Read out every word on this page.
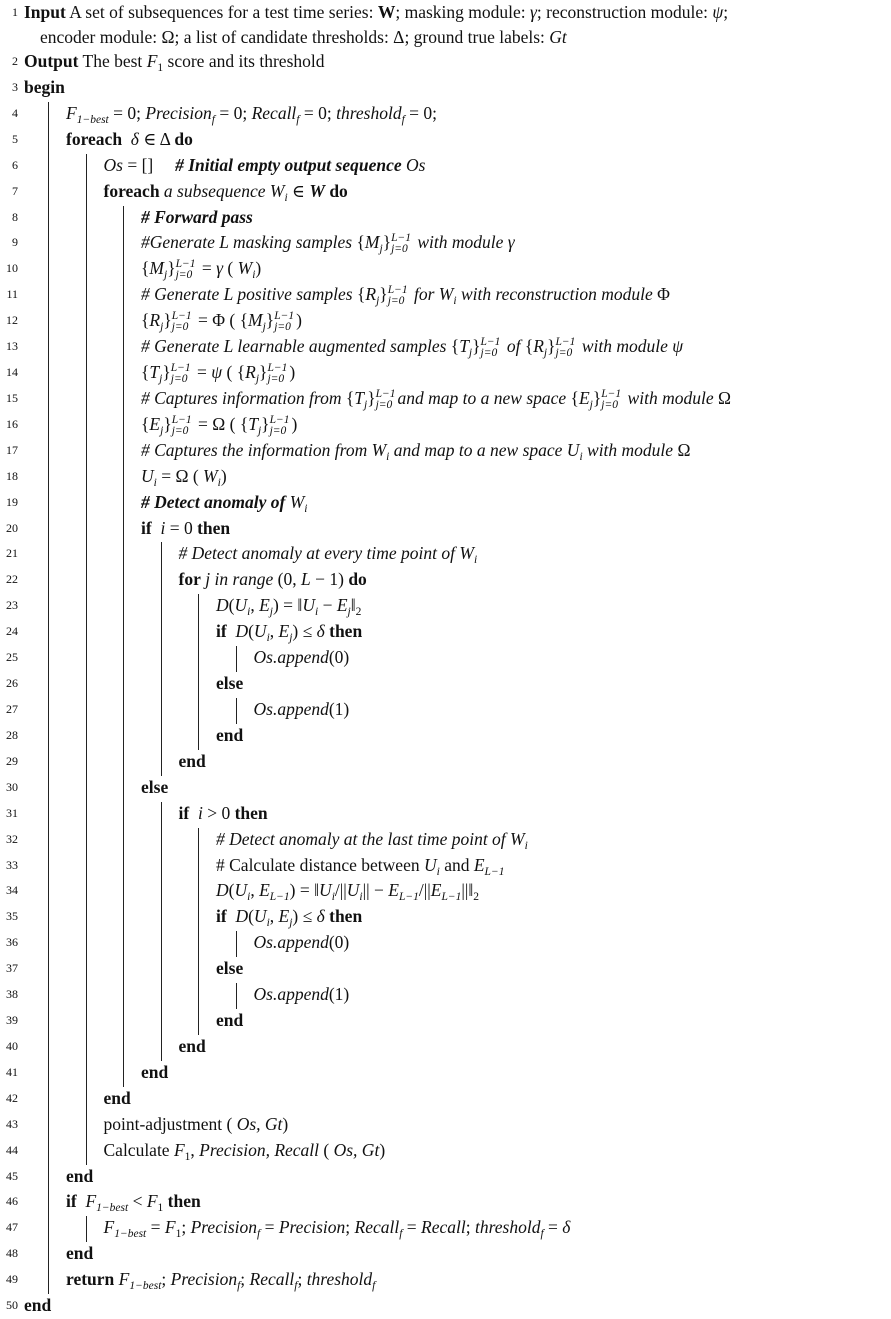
1 Input A set of subsequences for a test time series: W; masking module: γ; reconstruction module: ψ;
encoder module: Ω; a list of candidate thresholds: Δ; ground true labels: Gt
2 Output The best $F_1$ score and its threshold
3 begin
4	$F_{1-best} = 0$; Precision$_f$ = 0; Recall$_f$ = 0; threshold$_f$ = 0;
5	foreach δ ∈ Δ do
6	Os = []     # Initial empty output sequence Os
7	foreach a subsequence $W_i$ ∈ W do
8	# Forward pass
9	#Generate L masking samples $\{M_j\}$ L−1
j=0 with module γ
10	$\{M_j\}$ L−1
j=0 = γ ( $W_i$)
11	# Generate L positive samples $\{R_j\}$ L−1
j=0 for $W_i$ with reconstruction module Φ
12	$\{R_j\}$ L−1
j=0 = Φ ( $\{M_j\}$ L−1
j=0 )
13	# Generate L learnable augmented samples $\{T_j\}$ L−1
j=0 of $\{R_j\}$ L−1
j=0 with module ψ
14	$\{T_j\}$ L−1
j=0 = ψ ( $\{R_j\}$ L−1
j=0 )
15	# Captures information from $\{T_j\}$ L−1
j=0 and map to a new space $\{E_j\}$ L−1
j=0 with module Ω
16	$\{E_j\}$ L−1
j=0 = Ω ( $\{T_j\}$ L−1
j=0 )
17	# Captures the information from $W_i$ and map to a new space $U_i$ with module Ω
18	$U_i = \Omega$ ( $W_i$)
19	# Detect anomaly of $W_i$
20	if  i = 0 then
21	# Detect anomaly at every time point of $W_i$
22	for j in range (0, L − 1) do
23	$D(U_i$, $E_j$) = $‖U_i$ − $E_j‖_2$
24	if $D(U_i$, $E_j) \le \delta$ then
25	Os.append(0)
26	else
27	Os.append(1)
28	end
29	end
30	else
31	if  i > 0 then
32	# Detect anomaly at the last time point of $W_i$
33	# Calculate distance between $U_i$ and $E_{L-1}$
34	$D(U_i$, $E_{L-1}$) = $‖U_i/||U_i||$ − $E_{L-1}/||E_{L-1}||‖_2$
35	if $D(U_i$, $E_j) \le \delta$ then
36	Os.append(0)
37	else
38	Os.append(1)
39	end
40	end
41	end
42	end
43	point-adjustment ( Os, Gt)
44	Calculate $F_1$, Precision, Recall ( Os, Gt)
45	end
46	if $F_{1-best} < F_1$ then
47	$F_{1-best} = F_1$; Precision$_f$ = Precision; Recall$_f$ = Recall; threshold$_f$ = δ
48	end
49	return $F_{1-best}$; Precision$_f$; Recall$_f$; threshold$_f$
50 end
